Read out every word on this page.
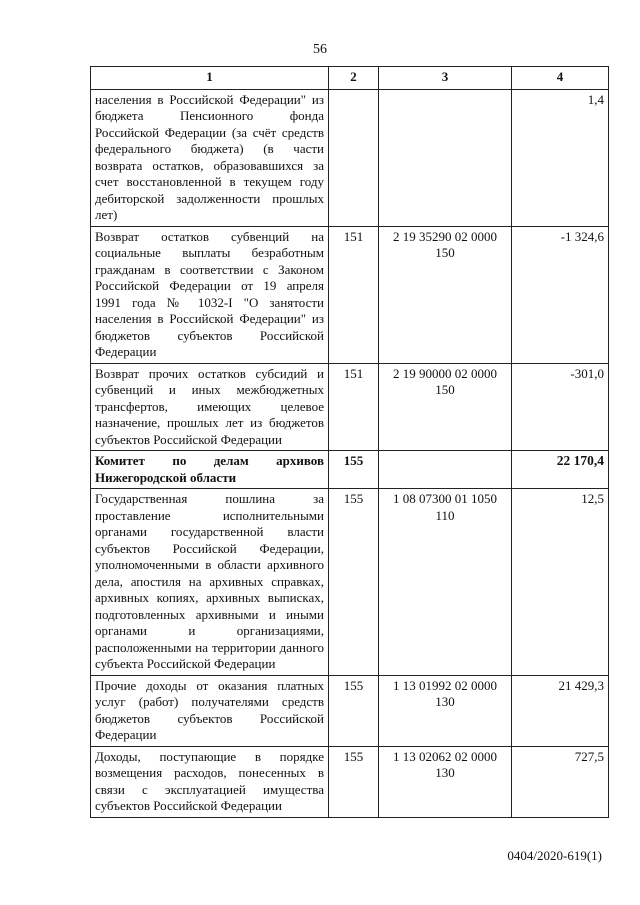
56
1	2	3	4
населения в Российской Федерации" из бюджета Пенсионного фонда Российской Федерации (за счёт средств федерального бюджета) (в части возврата остатков, образовавшихся за счет восстановленной в текущем году дебиторской задолженности прошлых лет)			1,4
Возврат остатков субвенций на социальные выплаты безработным гражданам в соответствии с Законом Российской Федерации от 19 апреля 1991 года № 1032-I "О занятости населения в Российской Федерации" из бюджетов субъектов Российской Федерации	151	2 19 35290 02 0000 150	-1 324,6
Возврат прочих остатков субсидий и субвенций и иных межбюджетных трансфертов, имеющих целевое назначение, прошлых лет из бюджетов субъектов Российской Федерации	151	2 19 90000 02 0000 150	-301,0
Комитет по делам архивов Нижегородской области	155		22 170,4
Государственная пошлина за проставление исполнительными органами государственной власти субъектов Российской Федерации, уполномоченными в области архивного дела, апостиля на архивных справках, архивных копиях, архивных выписках, подготовленных архивными и иными органами и организациями, расположенными на территории данного субъекта Российской Федерации	155	1 08 07300 01 1050 110	12,5
Прочие доходы от оказания платных услуг (работ) получателями средств бюджетов субъектов Российской Федерации	155	1 13 01992 02 0000 130	21 429,3
Доходы, поступающие в порядке возмещения расходов, понесенных в связи с эксплуатацией имущества субъектов Российской Федерации	155	1 13 02062 02 0000 130	727,5
0404/2020-619(1)
